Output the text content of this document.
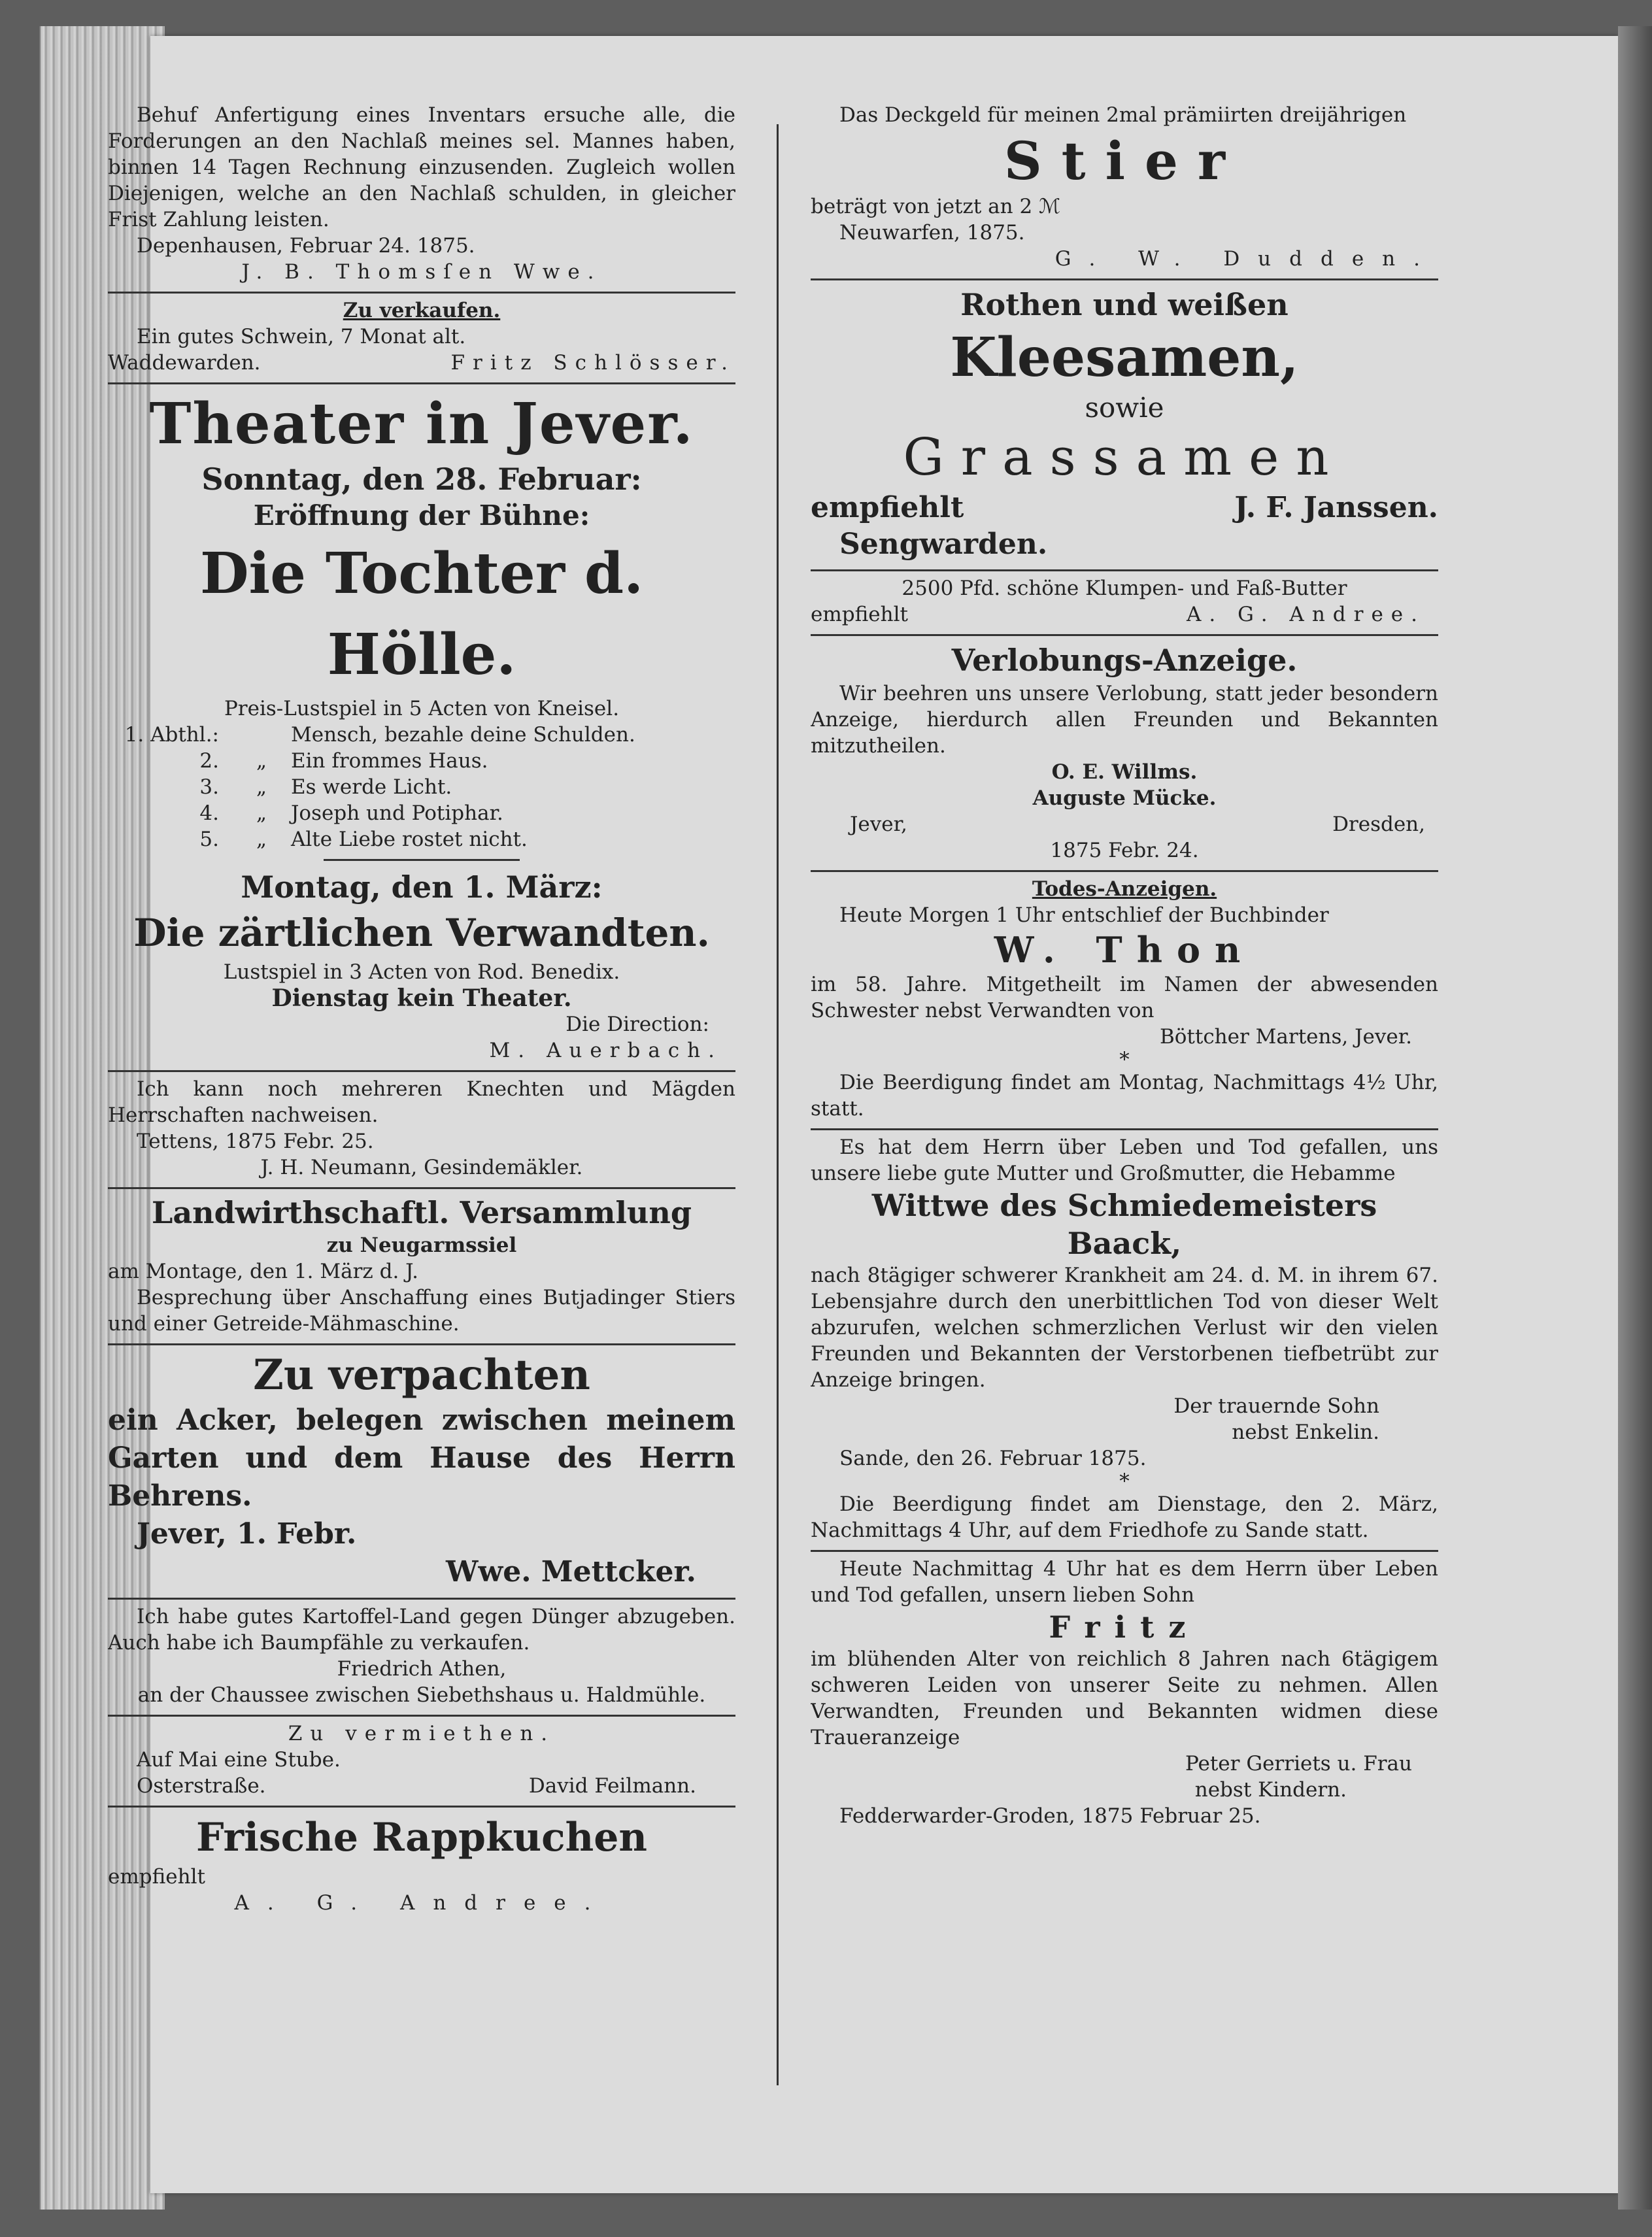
Behuf Anfertigung eines Inventars ersuche alle, die Forderungen an den Nachlaß meines sel. Mannes haben, binnen 14 Tagen Rechnung einzusenden. Zugleich wollen Diejenigen, welche an den Nachlaß schulden, in gleicher Frist Zahlung leisten.

Depenhausen, Februar 24. 1875.

J. B. Thomsſen Wwe.

Zu verkaufen.

Ein gutes Schwein, 7 Monat alt.

Waddewarden.	Fritz Schlösser.

Theater in Jever.

Sonntag, den 28. Februar:

Eröffnung der Bühne:

Die Tochter d. Hölle.

Preis-Lustspiel in 5 Acten von Kneisel.

1. Abthl.:	Mensch, bezahle deine Schulden.
2.	„	Ein frommes Haus.
3.	„	Es werde Licht.
4.	„	Joseph und Potiphar.
5.	„	Alte Liebe rostet nicht.

Montag, den 1. März:

Die zärtlichen Verwandten.

Lustspiel in 3 Acten von Rod. Benedix.

Dienstag kein Theater.

Die Direction:

M. Auerbach.

Ich kann noch mehreren Knechten und Mägden Herrschaften nachweisen.

Tettens, 1875 Febr. 25.

J. H. Neumann, Gesindemäkler.

Landwirthschaftl. Versammlung

zu Neugarmssiel

am Montage, den 1. März d. J.

Besprechung über Anschaffung eines Butjadinger Stiers und einer Getreide-Mähmaschine.

Zu verpachten

ein Acker, belegen zwischen meinem Garten und dem Hause des Herrn Behrens.

Jever, 1. Febr.

Wwe. Mettcker.

Ich habe gutes Kartoffel-Land gegen Dünger abzugeben. Auch habe ich Baumpfähle zu verkaufen.

Friedrich Athen,

an der Chaussee zwischen Siebethshaus u. Haldmühle.

Zu vermiethen.

Auf Mai eine Stube.

Osterstraße.	David Feilmann.

Frische Rappkuchen

empfiehlt

A. G. Andree.

Das Deckgeld für meinen 2mal prämiirten dreijährigen

Stier

beträgt von jetzt an 2 ℳ

Neuwarfen, 1875.

G. W. Dudden.

Rothen und weißen

Kleesamen,

sowie

Grassamen

empfiehlt	J. F. Janssen.

Sengwarden.

2500 Pfd. schöne Klumpen- und Faß-Butter

empfiehlt	A. G. Andree.

Verlobungs-Anzeige.

Wir beehren uns unsere Verlobung, statt jeder besondern Anzeige, hierdurch allen Freunden und Bekannten mitzutheilen.

O. E. Willms.

Auguste Mücke.

Jever,	Dresden,

1875 Febr. 24.

Todes-Anzeigen.

Heute Morgen 1 Uhr entschlief der Buchbinder

W. Thon

im 58. Jahre. Mitgetheilt im Namen der abwesenden Schwester nebst Verwandten von

Böttcher Martens, Jever.

*

Die Beerdigung findet am Montag, Nachmittags 4½ Uhr, statt.

Es hat dem Herrn über Leben und Tod gefallen, uns unsere liebe gute Mutter und Großmutter, die Hebamme

Wittwe des Schmiedemeisters Baack,

nach 8tägiger schwerer Krankheit am 24. d. M. in ihrem 67. Lebensjahre durch den unerbittlichen Tod von dieser Welt abzurufen, welchen schmerzlichen Verlust wir den vielen Freunden und Bekannten der Verstorbenen tiefbetrübt zur Anzeige bringen.

Der trauernde Sohn

nebst Enkelin.

Sande, den 26. Februar 1875.

*

Die Beerdigung findet am Dienstage, den 2. März, Nachmittags 4 Uhr, auf dem Friedhofe zu Sande statt.

Heute Nachmittag 4 Uhr hat es dem Herrn über Leben und Tod gefallen, unsern lieben Sohn

Fritz

im blühenden Alter von reichlich 8 Jahren nach 6tägigem schweren Leiden von unserer Seite zu nehmen. Allen Verwandten, Freunden und Bekannten widmen diese Traueranzeige

Peter Gerriets u. Frau

nebst Kindern.

Fedderwarder-Groden, 1875 Februar 25.
